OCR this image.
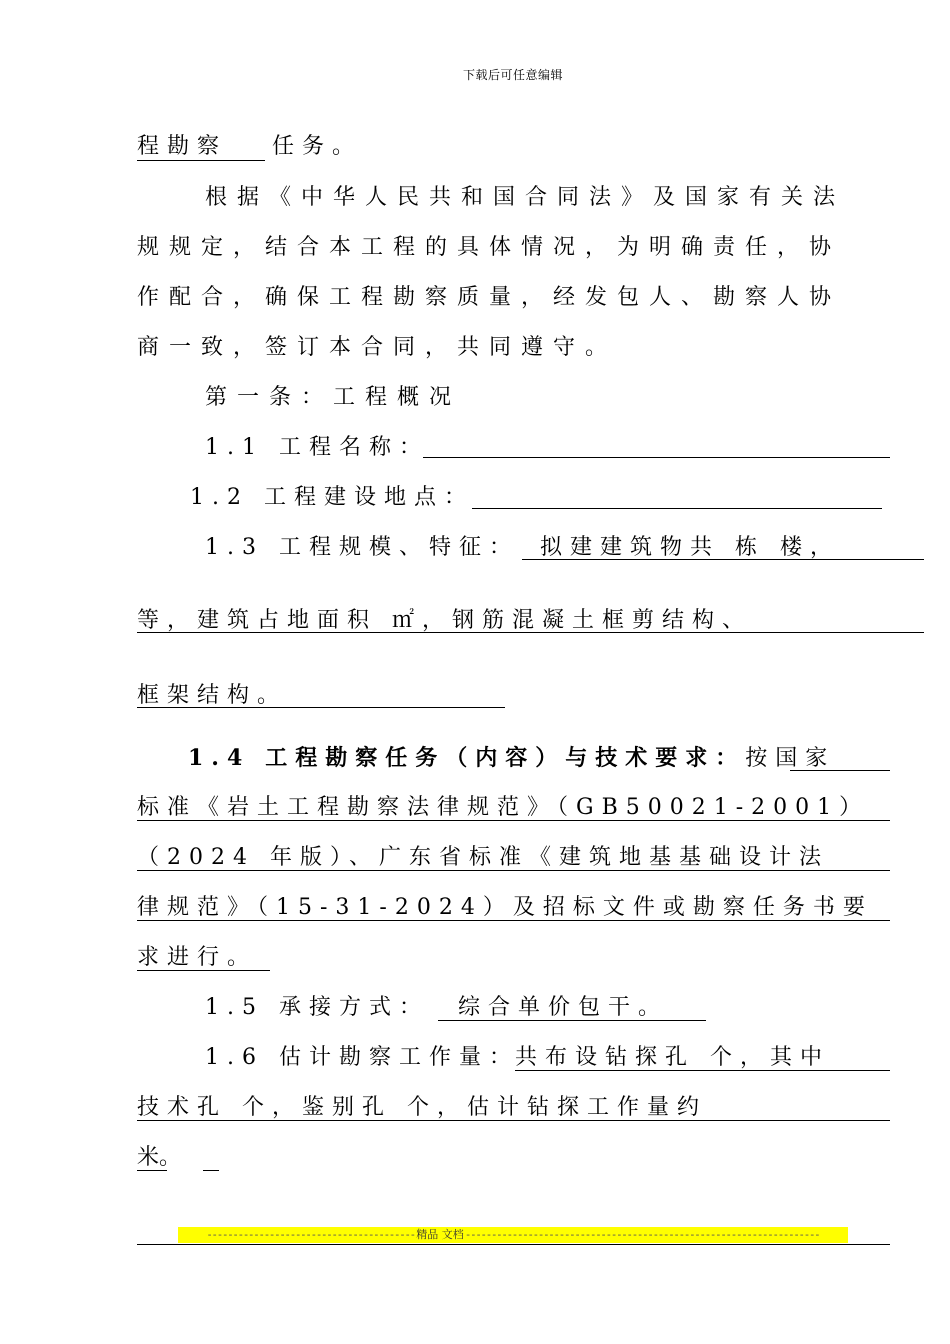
下载后可任意编辑
程勘察 任务。
根据《中华人民共和国合同法》及国家有关法
规规定，结合本工程的具体情况，为明确责任，协
作配合，确保工程勘察质量，经发包人、勘察人协
商一致，签订本合同，共同遵守。
第一条：工程概况
1.1 工程名称：
1.2 工程建设地点：
1.3 工程规模、特征： 拟建建筑物共 栋 楼，
等，建筑占地面积 ㎡，钢筋混凝土框剪结构、
框架结构。
1.4 工程勘察任务（内容）与技术要求：按国家
标准《岩土工程勘察法律规范》（GB50021-2001）
（2024 年版）、广东省标准《建筑地基基础设计法
律规范》（15-31-2024）及招标文件或勘察任务书要
求进行。
1.5 承接方式： 综合单价包干。
1.6 估计勘察工作量：
共布设钻探孔 个，其中
技术孔 个，鉴别孔 个，估计钻探工作量约
米。
- - - - - - - - - - - - - - - - - - - - - - - - - - - - - - - - - - - - - - - - 精品 文档 - - - - - - - - - - - - - - - - - - - - - - - - - - - - - - - - - - - - - - - - - - - - - - - - - - - - - - - - - - - - - - - - - - - -
